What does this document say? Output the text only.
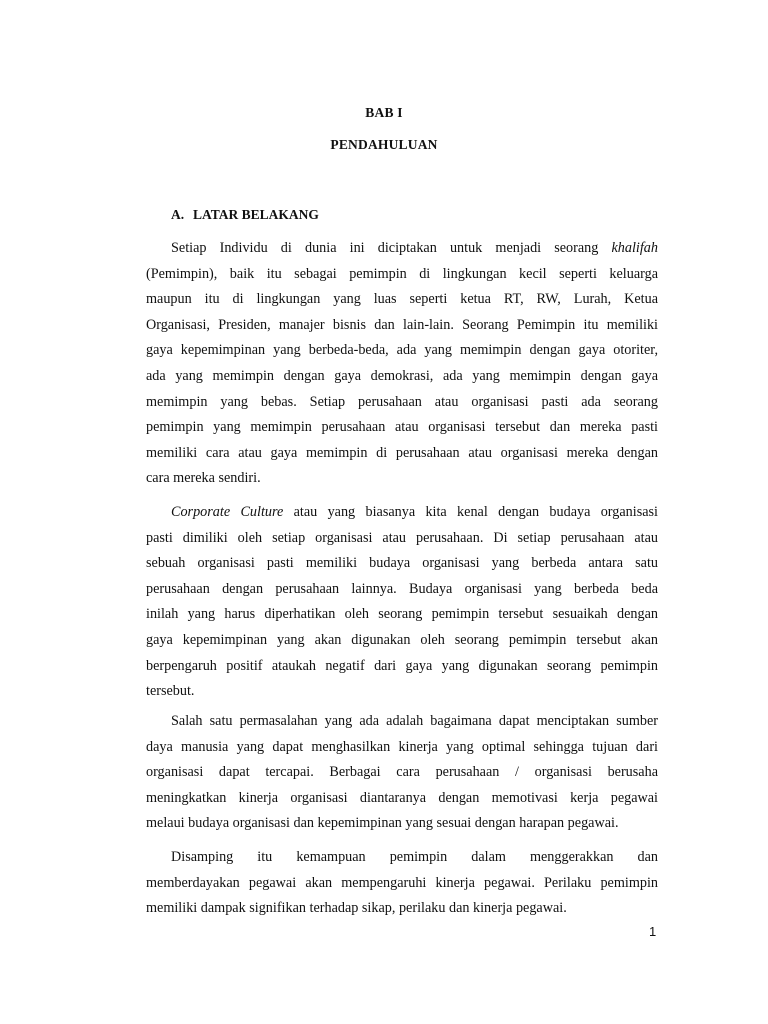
BAB I
PENDAHULUAN
A. LATAR BELAKANG
Setiap Individu di dunia ini diciptakan untuk menjadi seorang khalifah
(Pemimpin), baik itu sebagai pemimpin di lingkungan kecil seperti keluarga
maupun itu di lingkungan yang luas seperti ketua RT, RW, Lurah, Ketua
Organisasi, Presiden, manajer bisnis dan lain-lain. Seorang Pemimpin itu memiliki
gaya kepemimpinan yang berbeda-beda, ada yang memimpin dengan gaya otoriter,
ada yang memimpin dengan gaya demokrasi, ada yang memimpin dengan gaya
memimpin yang bebas. Setiap perusahaan atau organisasi pasti ada seorang
pemimpin yang memimpin perusahaan atau organisasi tersebut dan mereka pasti
memiliki cara atau gaya memimpin di perusahaan atau organisasi mereka dengan
cara mereka sendiri.
Corporate Culture atau yang biasanya kita kenal dengan budaya organisasi
pasti dimiliki oleh setiap organisasi atau perusahaan. Di setiap perusahaan atau
sebuah organisasi pasti memiliki budaya organisasi yang berbeda antara satu
perusahaan dengan perusahaan lainnya. Budaya organisasi yang berbeda beda
inilah yang harus diperhatikan oleh seorang pemimpin tersebut sesuaikah dengan
gaya kepemimpinan yang akan digunakan oleh seorang pemimpin tersebut akan
berpengaruh positif ataukah negatif dari gaya yang digunakan seorang pemimpin
tersebut.
Salah satu permasalahan yang ada adalah bagaimana dapat menciptakan sumber
daya manusia yang dapat menghasilkan kinerja yang optimal sehingga tujuan dari
organisasi dapat tercapai. Berbagai cara perusahaan / organisasi berusaha
meningkatkan kinerja organisasi diantaranya dengan memotivasi kerja pegawai
melaui budaya organisasi dan kepemimpinan yang sesuai dengan harapan pegawai.
Disamping itu kemampuan pemimpin dalam menggerakkan dan
memberdayakan pegawai akan mempengaruhi kinerja pegawai. Perilaku pemimpin
memiliki dampak signifikan terhadap sikap, perilaku dan kinerja pegawai.
1
